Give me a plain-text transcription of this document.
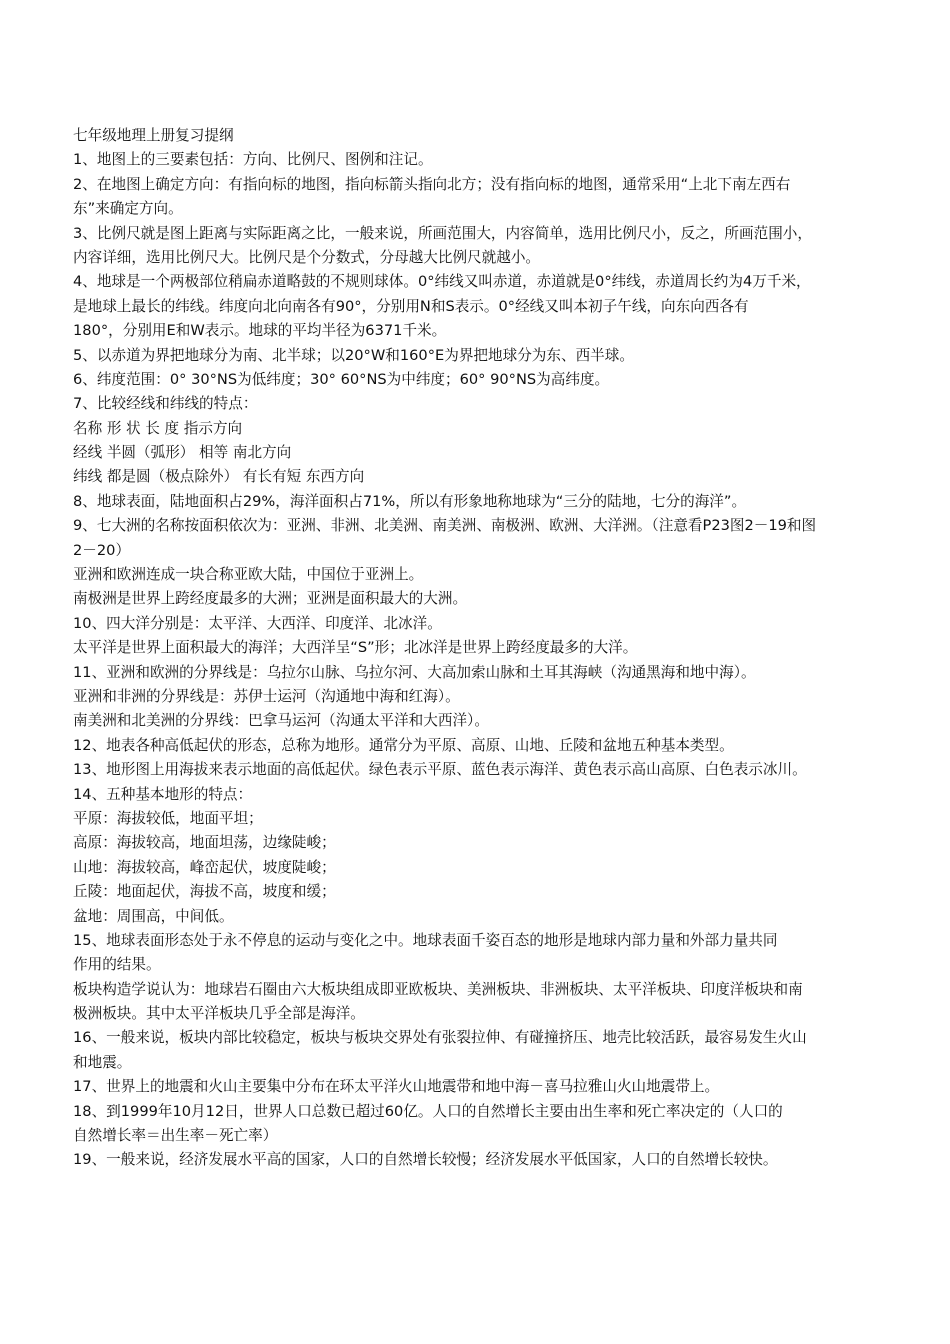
七年级地理上册复习提纲
1、地图上的三要素包括：方向、比例尺、图例和注记。
2、在地图上确定方向：有指向标的地图，指向标箭头指向北方；没有指向标的地图，通常采用“上北下南左西右
东”来确定方向。
3、比例尺就是图上距离与实际距离之比，一般来说，所画范围大，内容简单，选用比例尺小，反之，所画范围小，
内容详细，选用比例尺大。比例尺是个分数式，分母越大比例尺就越小。
4、地球是一个两极部位稍扁赤道略鼓的不规则球体。0°纬线又叫赤道，赤道就是0°纬线，赤道周长约为4万千米，
是地球上最长的纬线。纬度向北向南各有90°，分别用N和S表示。0°经线又叫本初子午线，向东向西各有
180°，分别用E和W表示。地球的平均半径为6371千米。
5、以赤道为界把地球分为南、北半球；以20°W和160°E为界把地球分为东、西半球。
6、纬度范围：0° 30°NS为低纬度；30° 60°NS为中纬度；60° 90°NS为高纬度。
7、比较经线和纬线的特点：
名称 形 状 长 度 指示方向
经线 半圆（弧形） 相等 南北方向
纬线 都是圆（极点除外） 有长有短 东西方向
8、地球表面，陆地面积占29%，海洋面积占71%，所以有形象地称地球为“三分的陆地，七分的海洋”。
9、七大洲的名称按面积依次为：亚洲、非洲、北美洲、南美洲、南极洲、欧洲、大洋洲。（注意看P23图2－19和图
2－20）
亚洲和欧洲连成一块合称亚欧大陆，中国位于亚洲上。
南极洲是世界上跨经度最多的大洲；亚洲是面积最大的大洲。
10、四大洋分别是：太平洋、大西洋、印度洋、北冰洋。
太平洋是世界上面积最大的海洋；大西洋呈“S”形；北冰洋是世界上跨经度最多的大洋。
11、亚洲和欧洲的分界线是：乌拉尔山脉、乌拉尔河、大高加索山脉和土耳其海峡（沟通黑海和地中海）。
亚洲和非洲的分界线是：苏伊士运河（沟通地中海和红海）。
南美洲和北美洲的分界线：巴拿马运河（沟通太平洋和大西洋）。
12、地表各种高低起伏的形态，总称为地形。通常分为平原、高原、山地、丘陵和盆地五种基本类型。
13、地形图上用海拔来表示地面的高低起伏。绿色表示平原、蓝色表示海洋、黄色表示高山高原、白色表示冰川。
14、五种基本地形的特点：
平原：海拔较低，地面平坦；
高原：海拔较高，地面坦荡，边缘陡峻；
山地：海拔较高，峰峦起伏，坡度陡峻；
丘陵：地面起伏，海拔不高，坡度和缓；
盆地：周围高，中间低。
15、地球表面形态处于永不停息的运动与变化之中。地球表面千姿百态的地形是地球内部力量和外部力量共同
作用的结果。
板块构造学说认为：地球岩石圈由六大板块组成即亚欧板块、美洲板块、非洲板块、太平洋板块、印度洋板块和南
极洲板块。其中太平洋板块几乎全部是海洋。
16、一般来说，板块内部比较稳定，板块与板块交界处有张裂拉伸、有碰撞挤压、地壳比较活跃，最容易发生火山
和地震。
17、世界上的地震和火山主要集中分布在环太平洋火山地震带和地中海－喜马拉雅山火山地震带上。
18、到1999年10月12日，世界人口总数已超过60亿。人口的自然增长主要由出生率和死亡率决定的（人口的
自然增长率＝出生率－死亡率）
19、一般来说，经济发展水平高的国家，人口的自然增长较慢；经济发展水平低国家，人口的自然增长较快。
